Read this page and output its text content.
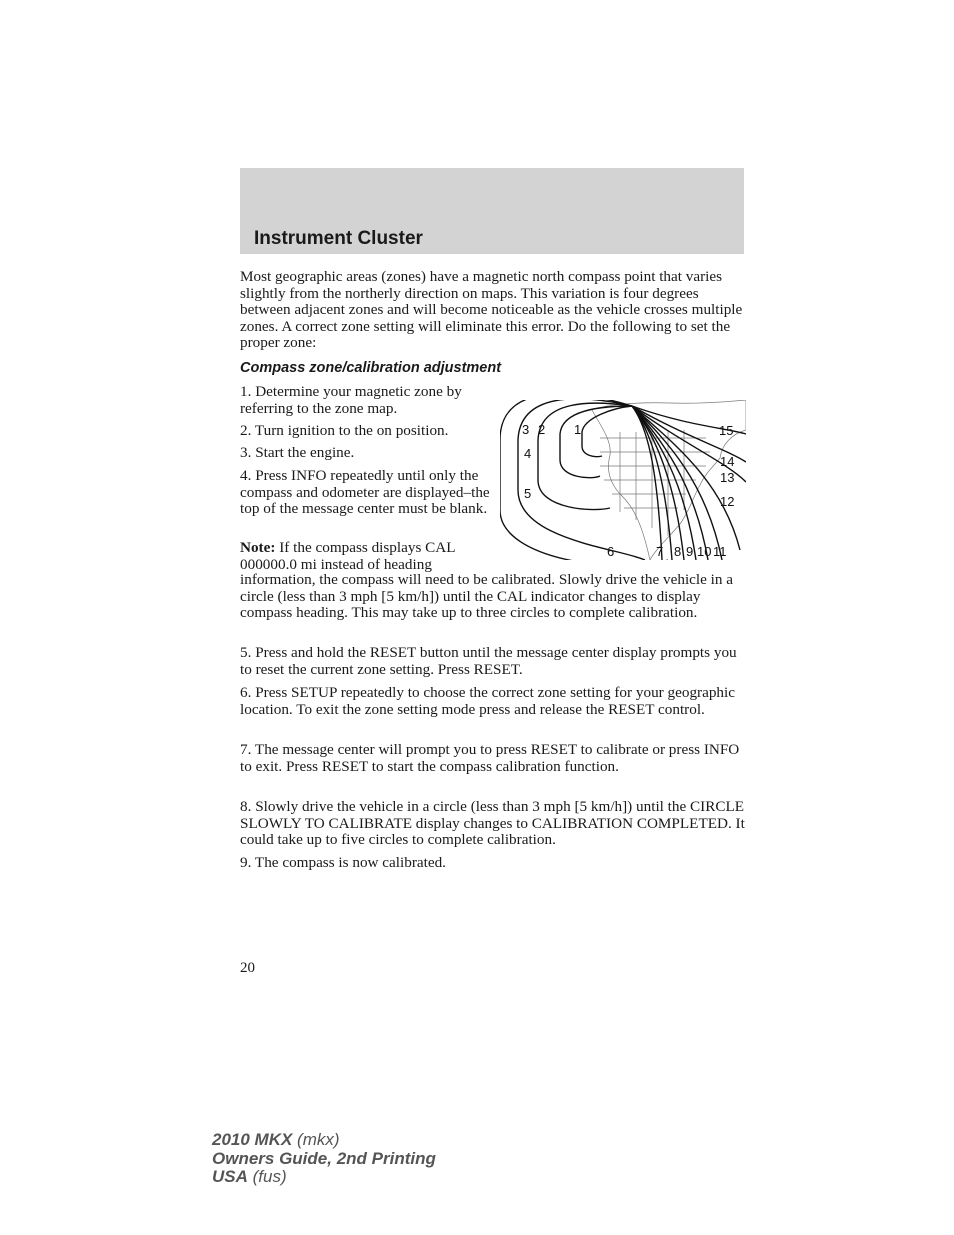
Instrument Cluster

Most geographic areas (zones) have a magnetic north compass point that varies slightly from the northerly direction on maps. This variation is four degrees between adjacent zones and will become noticeable as the vehicle crosses multiple zones. A correct zone setting will eliminate this error. Do the following to set the proper zone:

Compass zone/calibration adjustment

1. Determine your magnetic zone by referring to the zone map.

2. Turn ignition to the on position.

3. Start the engine.

4. Press INFO repeatedly until only the compass and odometer are displayed–the top of the message center must be blank.

Note: If the compass displays CAL 000000.0 mi instead of heading

information, the compass will need to be calibrated. Slowly drive the vehicle in a circle (less than 3 mph [5 km/h]) until the CAL indicator changes to display compass heading. This may take up to three circles to complete calibration.

3 2 1
4
5
6	7 8 9 10 11
12
13
14
15

5. Press and hold the RESET button until the message center display prompts you to reset the current zone setting. Press RESET.

6. Press SETUP repeatedly to choose the correct zone setting for your geographic location. To exit the zone setting mode press and release the RESET control.

7. The message center will prompt you to press RESET to calibrate or press INFO to exit. Press RESET to start the compass calibration function.

8. Slowly drive the vehicle in a circle (less than 3 mph [5 km/h]) until the CIRCLE SLOWLY TO CALIBRATE display changes to CALIBRATION COMPLETED. It could take up to five circles to complete calibration.

9. The compass is now calibrated.

20
2010 MKX (mkx)
Owners Guide, 2nd Printing
USA (fus)
